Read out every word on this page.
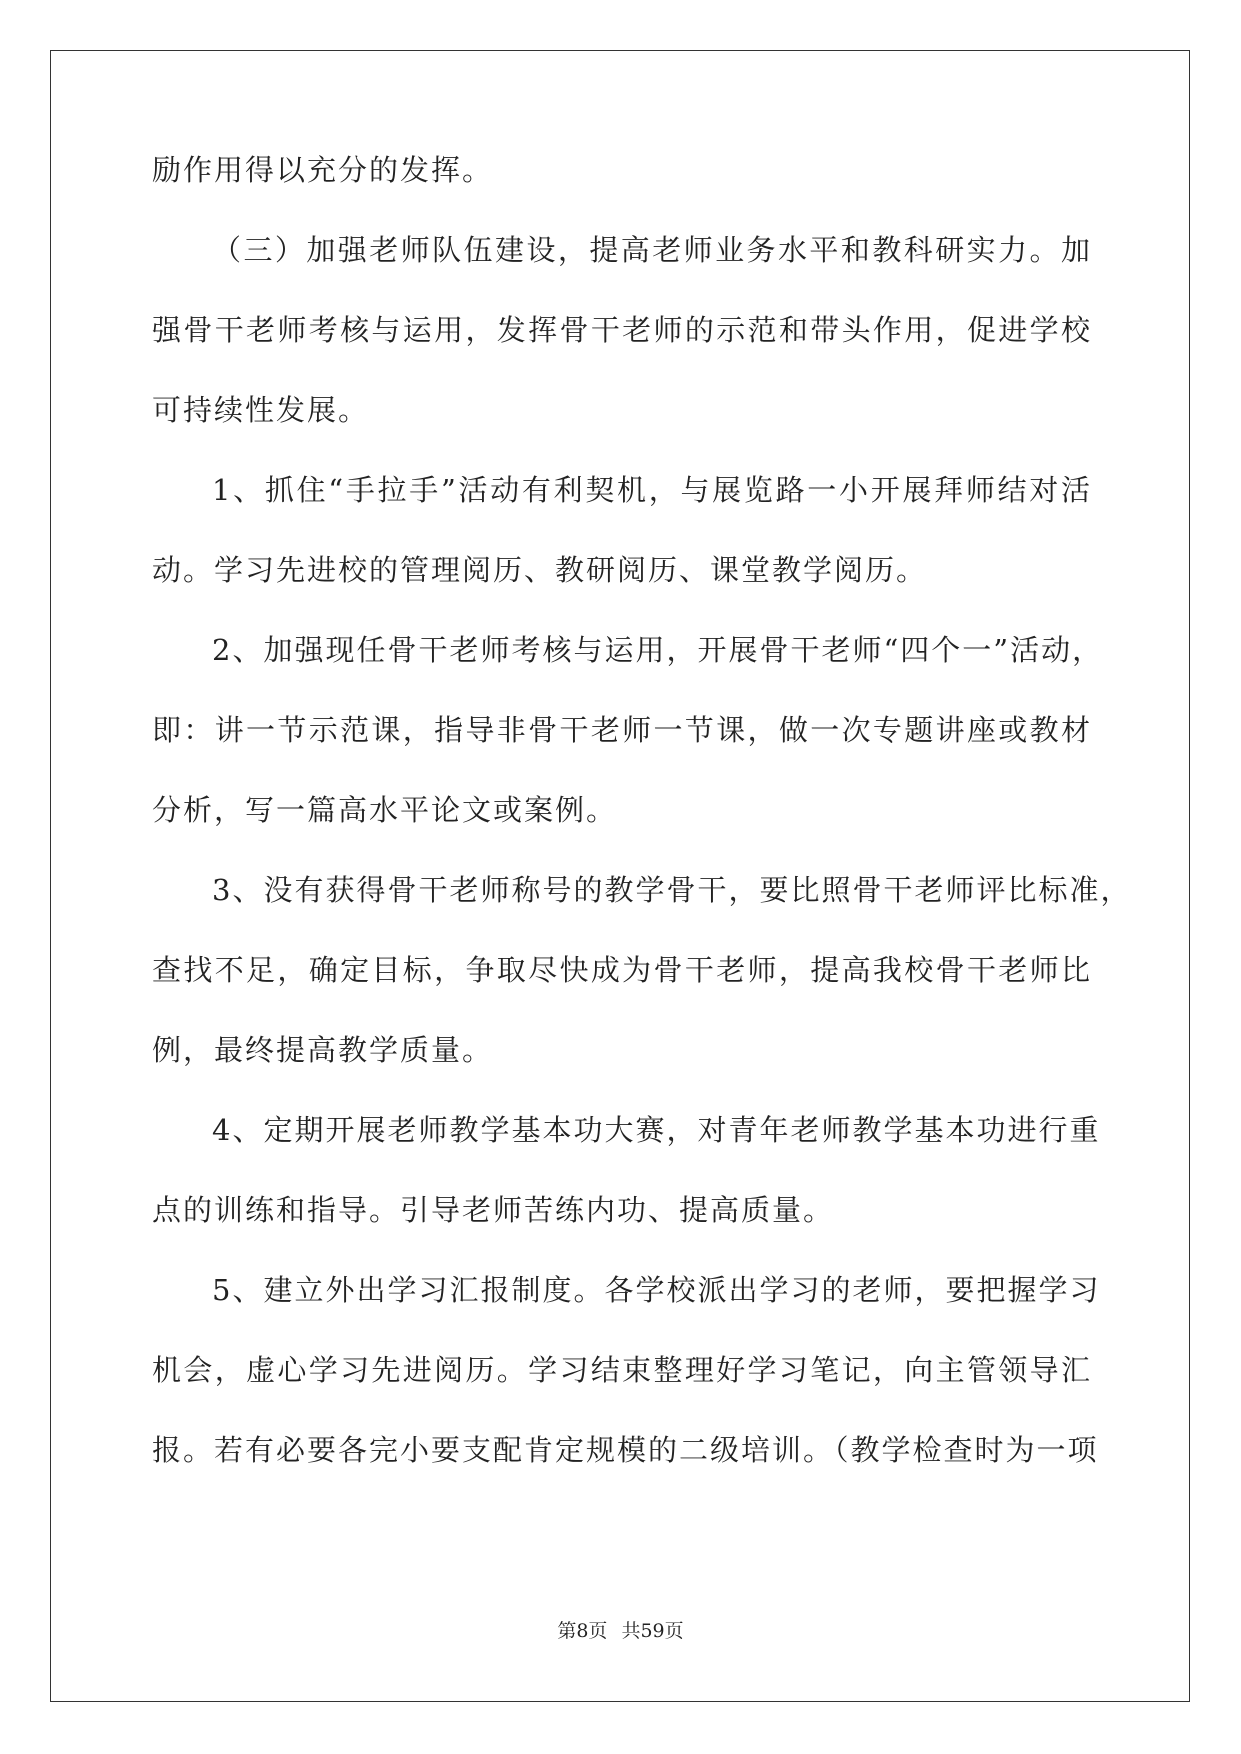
励作用得以充分的发挥。
（三）加强老师队伍建设，提高老师业务水平和教科研实力。加
强骨干老师考核与运用，发挥骨干老师的示范和带头作用，促进学校
可持续性发展。
1、抓住“手拉手”活动有利契机，与展览路一小开展拜师结对活
动。学习先进校的管理阅历、教研阅历、课堂教学阅历。
2、加强现任骨干老师考核与运用，开展骨干老师“四个一”活动，
即：讲一节示范课，指导非骨干老师一节课，做一次专题讲座或教材
分析，写一篇高水平论文或案例。
3、没有获得骨干老师称号的教学骨干，要比照骨干老师评比标准，
查找不足，确定目标，争取尽快成为骨干老师，提高我校骨干老师比
例，最终提高教学质量。
4、定期开展老师教学基本功大赛，对青年老师教学基本功进行重
点的训练和指导。引导老师苦练内功、提高质量。
5、建立外出学习汇报制度。各学校派出学习的老师，要把握学习
机会，虚心学习先进阅历。学习结束整理好学习笔记，向主管领导汇
报。若有必要各完小要支配肯定规模的二级培训。（教学检查时为一项
第8页 共59页
